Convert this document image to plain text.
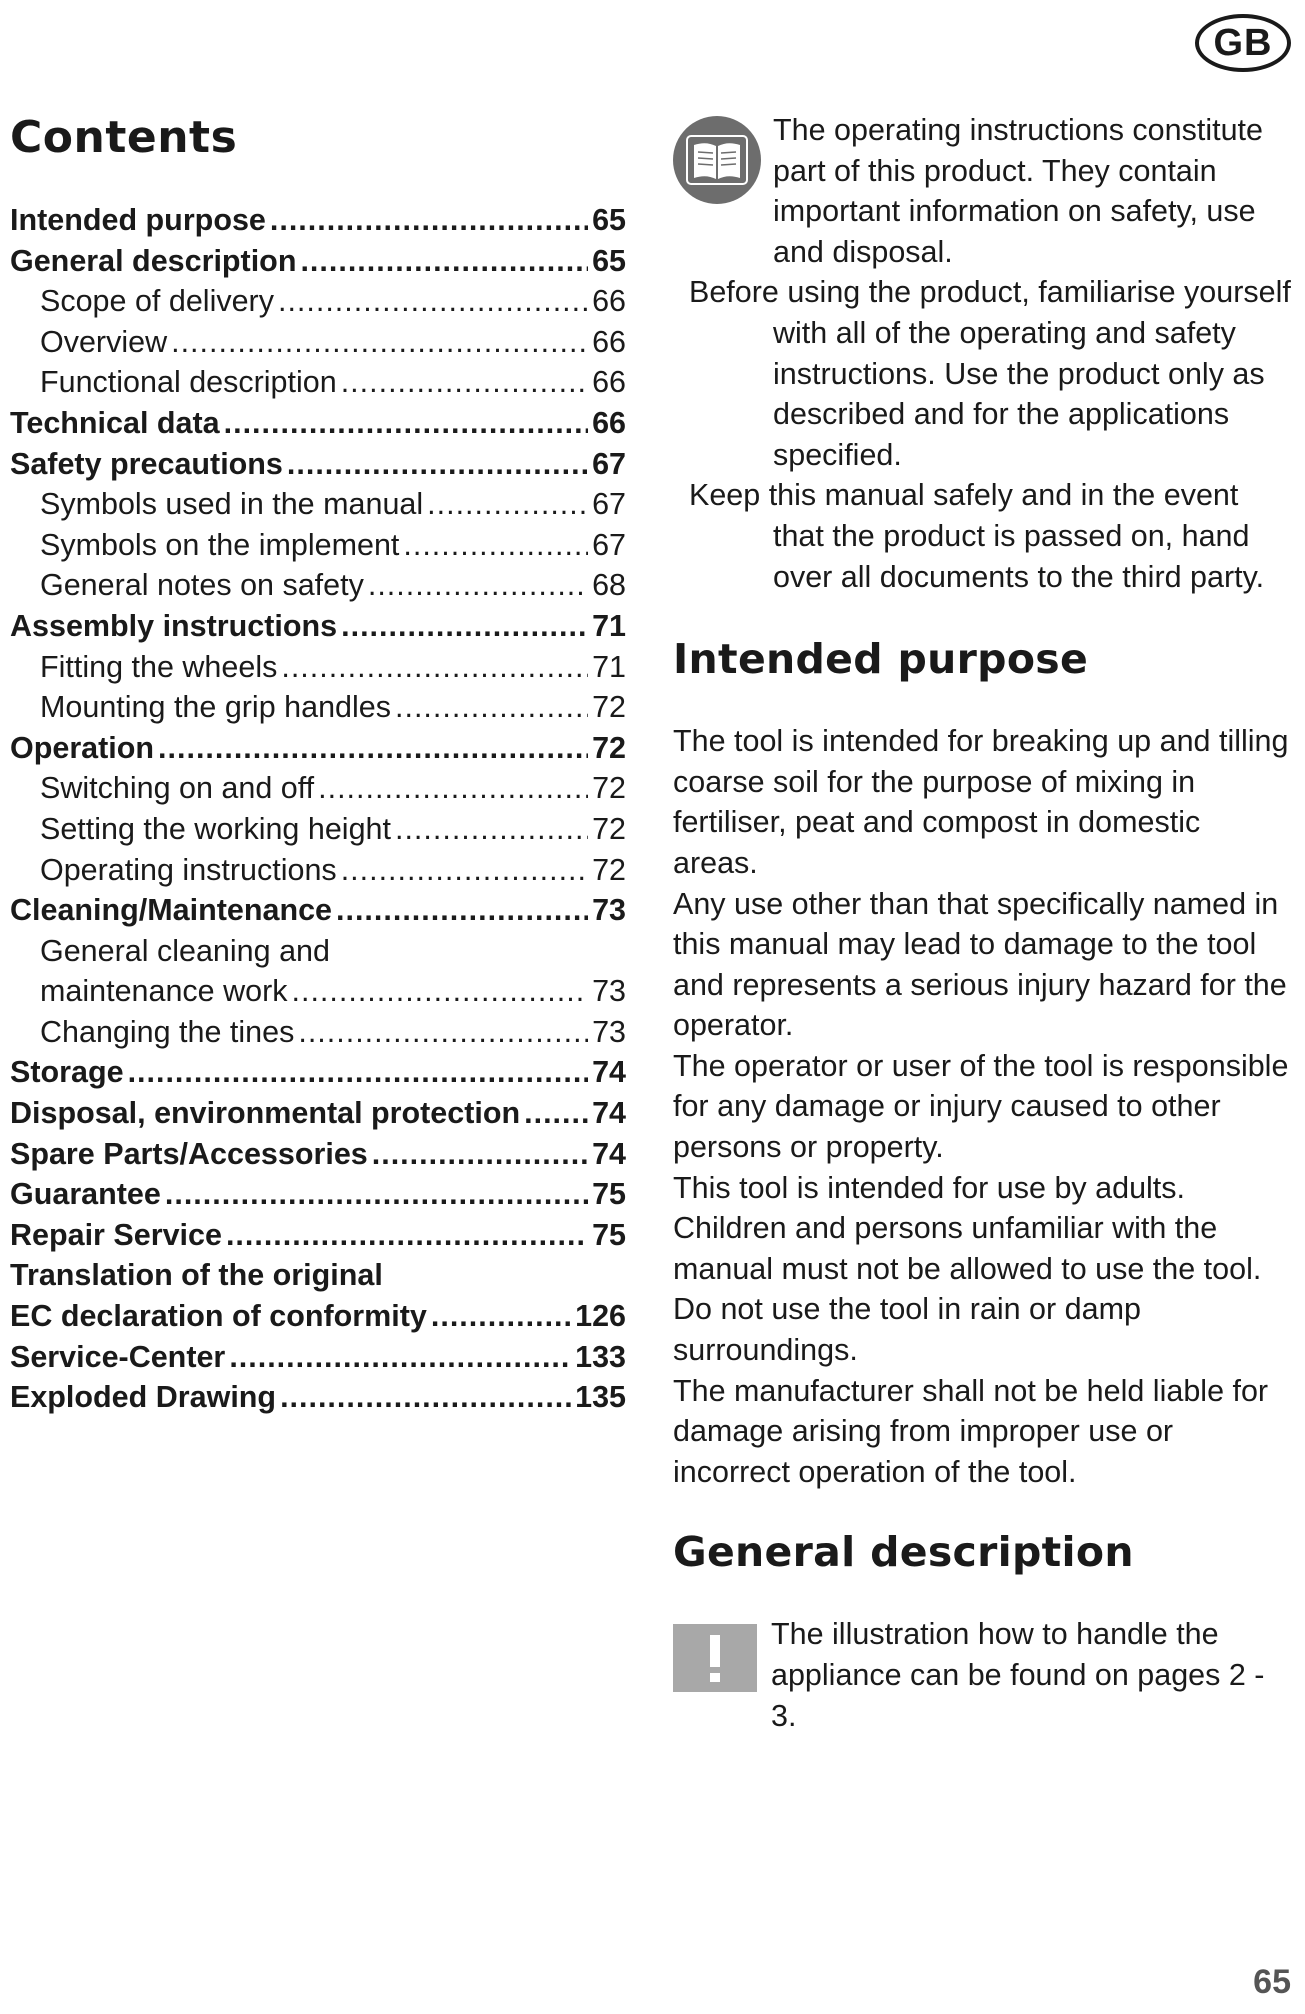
GB
Contents
Intended purpose .....	65
General description .....	65
Scope of delivery .....	66
Overview .....	66
Functional description .....	66
Technical data .....	66
Safety precautions .....	67
Symbols used in the manual .....	67
Symbols on the implement .....	67
General notes on safety .....	68
Assembly instructions .....	71
Fitting the wheels .....	71
Mounting the grip handles .....	72
Operation .....	72
Switching on and off .....	72
Setting the working height .....	72
Operating instructions .....	72
Cleaning/Maintenance .....	73
General cleaning and
maintenance work .....	73
Changing the tines .....	73
Storage .....	74
Disposal, environmental protection ..... 74
Spare Parts/Accessories .....	74
Guarantee .....	75
Repair Service .....	75
Translation of the original
EC declaration of conformity .....	126
Service-Center .....	133
Exploded Drawing .....	135

The operating instructions constitute part of this product. They contain important information on safety, use and disposal.

Before using the product, familiarise yourself with all of the operating and safety instructions. Use the product only as described and for the applications specified.

Keep this manual safely and in the event that the product is passed on, hand over all documents to the third party.

Intended purpose

The tool is intended for breaking up and tilling coarse soil for the purpose of mixing in fertiliser, peat and compost in domestic areas.

Any use other than that specifically named in this manual may lead to damage to the tool and represents a serious injury hazard for the operator.

The operator or user of the tool is responsible for any damage or injury caused to other persons or property.

This tool is intended for use by adults. Children and persons unfamiliar with the manual must not be allowed to use the tool. Do not use the tool in rain or damp surroundings.

The manufacturer shall not be held liable for damage arising from improper use or incorrect operation of the tool.

General description

The illustration how to handle the appliance can be found on pages 2 - 3.

65
